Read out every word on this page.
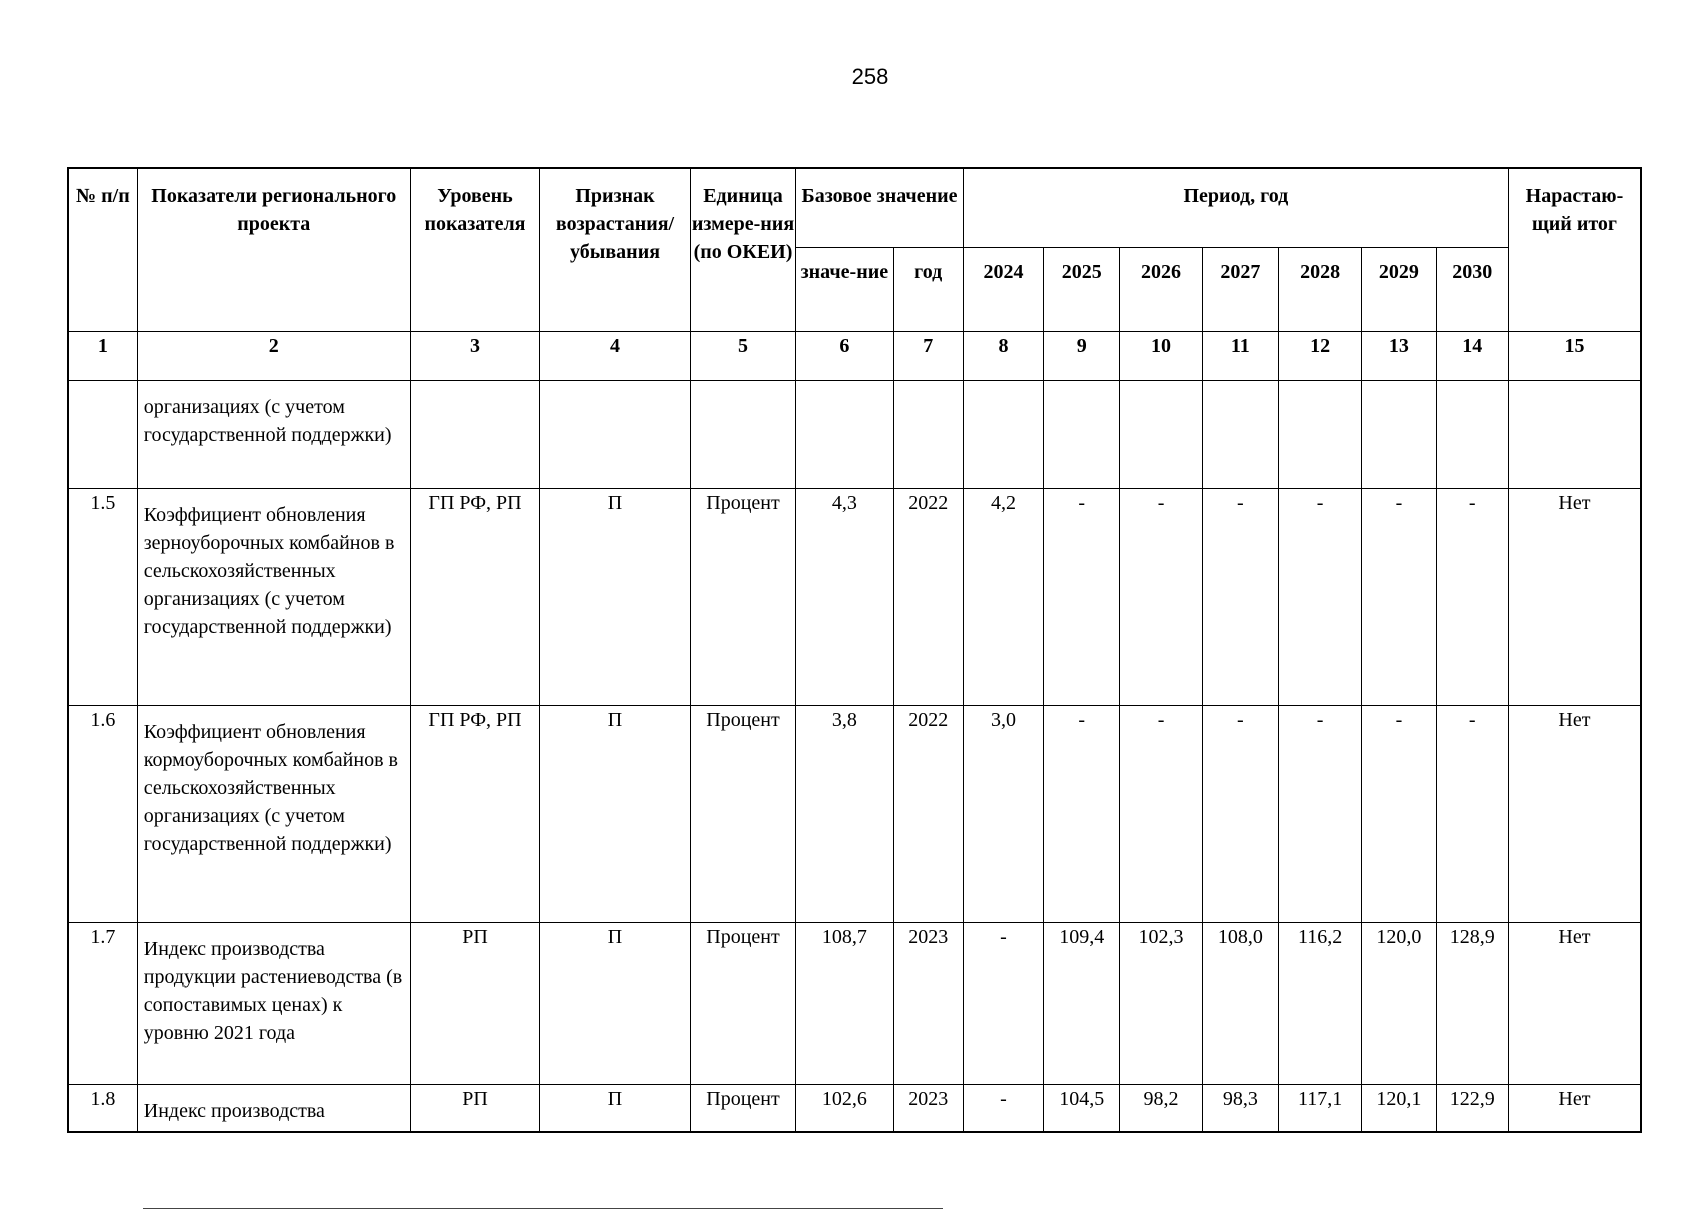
258
№ п/п	Показатели регионального проекта	Уровень показателя	Признак возрастания/ убывания	Единица измере-ния (по ОКЕИ)	Базовое значение		Период, год							Нарастаю-щий итог
					значе-ние	год	2024	2025	2026	2027	2028	2029	2030	
1	2	3	4	5	6	7	8	9	10	11	12	13	14	15
	организациях (с учетом государственной поддержки)													
1.5	Коэффициент обновления зерноуборочных комбайнов в сельскохозяйственных организациях (с учетом государственной поддержки)	ГП РФ, РП	П	Процент	4,3	2022	4,2	-	-	-	-	-	-	Нет
1.6	Коэффициент обновления кормоуборочных комбайнов в сельскохозяйственных организациях (с учетом государственной поддержки)	ГП РФ, РП	П	Процент	3,8	2022	3,0	-	-	-	-	-	-	Нет
1.7	Индекс производства продукции растениеводства (в сопоставимых ценах) к уровню 2021 года	РП	П	Процент	108,7	2023	-	109,4	102,3	108,0	116,2	120,0	128,9	Нет
1.8	Индекс производства	РП	П	Процент	102,6	2023	-	104,5	98,2	98,3	117,1	120,1	122,9	Нет
